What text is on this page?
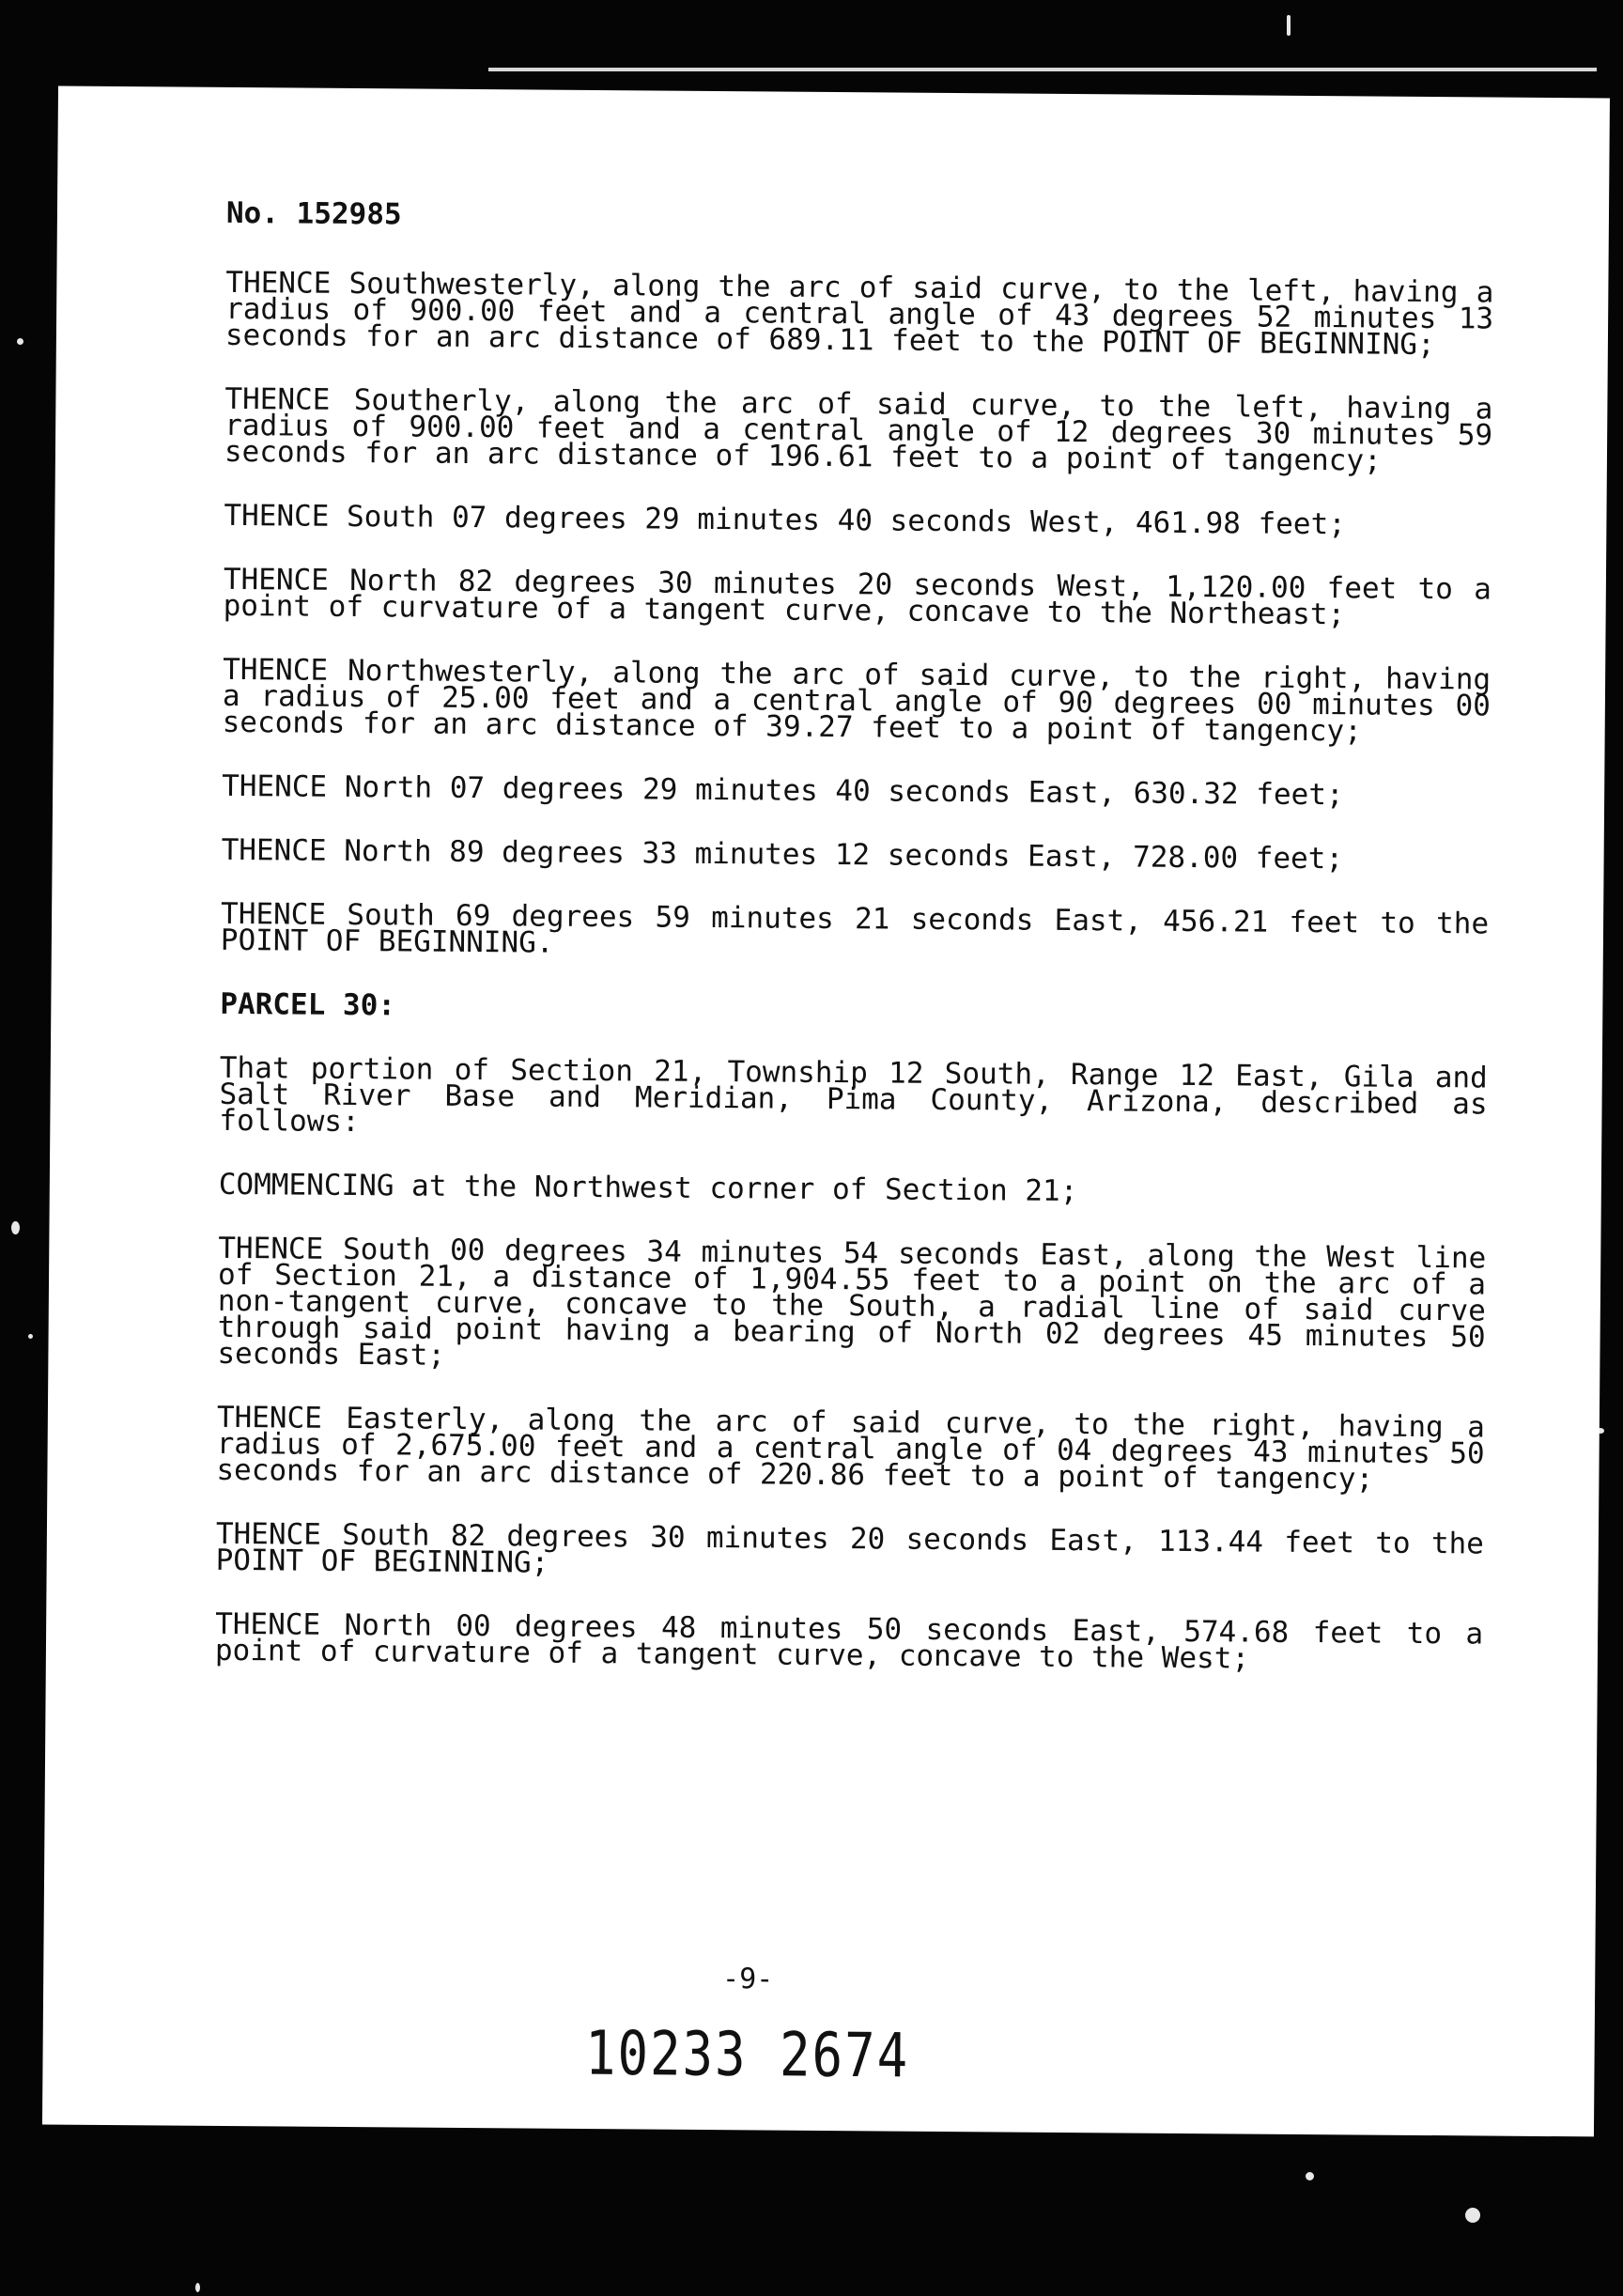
No. 152985

THENCE Southwesterly, along the arc of said curve, to the left, having a radius of 900.00 feet and a central angle of 43 degrees 52 minutes 13 seconds for an arc distance of 689.11 feet to the POINT OF BEGINNING;

THENCE Southerly, along the arc of said curve, to the left, having a radius of 900.00 feet and a central angle of 12 degrees 30 minutes 59 seconds for an arc distance of 196.61 feet to a point of tangency;

THENCE South 07 degrees 29 minutes 40 seconds West, 461.98 feet;

THENCE North 82 degrees 30 minutes 20 seconds West, 1,120.00 feet to a point of curvature of a tangent curve, concave to the Northeast;

THENCE Northwesterly, along the arc of said curve, to the right, having a radius of 25.00 feet and a central angle of 90 degrees 00 minutes 00 seconds for an arc distance of 39.27 feet to a point of tangency;

THENCE North 07 degrees 29 minutes 40 seconds East, 630.32 feet;

THENCE North 89 degrees 33 minutes 12 seconds East, 728.00 feet;

THENCE South 69 degrees 59 minutes 21 seconds East, 456.21 feet to the POINT OF BEGINNING.

PARCEL 30:

That portion of Section 21, Township 12 South, Range 12 East, Gila and Salt River Base and Meridian, Pima County, Arizona, described as follows:

COMMENCING at the Northwest corner of Section 21;

THENCE South 00 degrees 34 minutes 54 seconds East, along the West line of Section 21, a distance of 1,904.55 feet to a point on the arc of a non-tangent curve, concave to the South, a radial line of said curve through said point having a bearing of North 02 degrees 45 minutes 50 seconds East;

THENCE Easterly, along the arc of said curve, to the right, having a radius of 2,675.00 feet and a central angle of 04 degrees 43 minutes 50 seconds for an arc distance of 220.86 feet to a point of tangency;

THENCE South 82 degrees 30 minutes 20 seconds East, 113.44 feet to the POINT OF BEGINNING;

THENCE North 00 degrees 48 minutes 50 seconds East, 574.68 feet to a point of curvature of a tangent curve, concave to the West;

-9-
10233 2674
